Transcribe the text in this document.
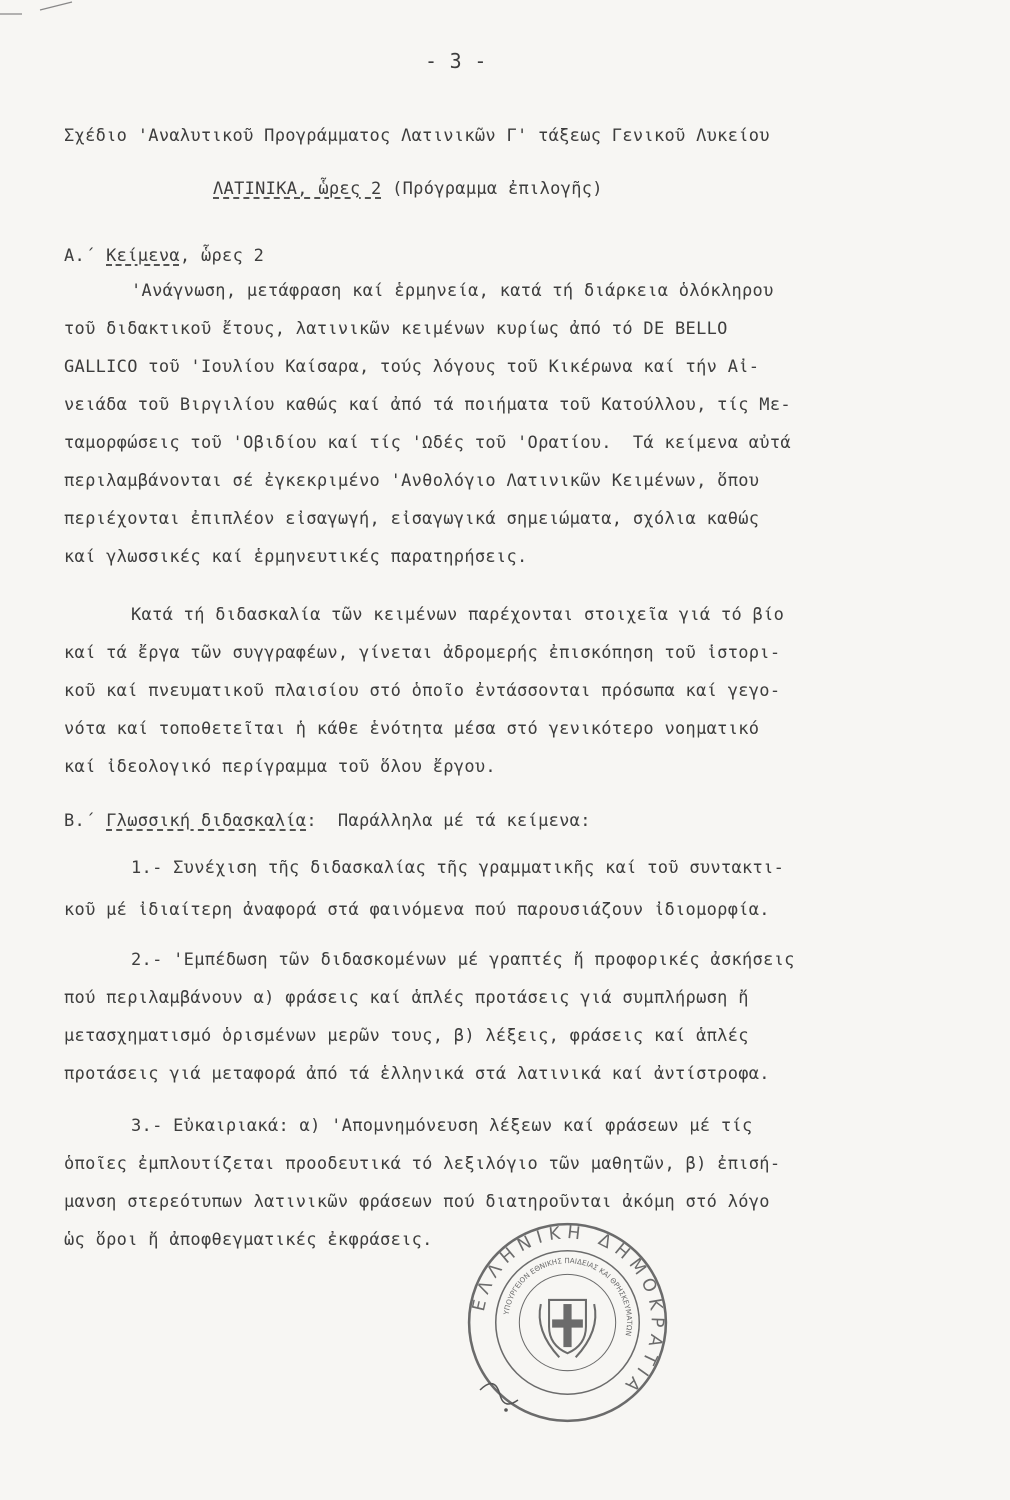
- 3 -
Σχέδιο 'Αναλυτικοῦ Προγράμματος Λατινικῶν Γ' τάξεως Γενικοῦ Λυκείου
ΛΑΤΙΝΙΚΑ, ὧρες 2 (Πρόγραμμα ἐπιλογῆς)
Α.΄ Κείμενα, ὧρες 2
'Ανάγνωση, μετάφραση καί ἑρμηνεία, κατά τή διάρκεια ὁλόκληρου
τοῦ διδακτικοῦ ἔτους, λατινικῶν κειμένων κυρίως ἀπό τό DE BELLO
GALLICO τοῦ 'Ιουλίου Καίσαρα, τούς λόγους τοῦ Κικέρωνα καί τήν Αἰ-
νειάδα τοῦ Βιργιλίου καθώς καί ἀπό τά ποιήματα τοῦ Κατούλλου, τίς Με-
ταμορφώσεις τοῦ 'Οβιδίου καί τίς 'Ωδές τοῦ 'Ορατίου.  Τά κείμενα αὐτά
περιλαμβάνονται σέ ἐγκεκριμένο 'Ανθολόγιο Λατινικῶν Κειμένων, ὅπου
περιέχονται ἐπιπλέον εἰσαγωγή, εἰσαγωγικά σημειώματα, σχόλια καθώς
καί γλωσσικές καί ἑρμηνευτικές παρατηρήσεις.
Κατά τή διδασκαλία τῶν κειμένων παρέχονται στοιχεῖα γιά τό βίο
καί τά ἔργα τῶν συγγραφέων, γίνεται ἀδρομερής ἐπισκόπηση τοῦ ἱστορι-
κοῦ καί πνευματικοῦ πλαισίου στό ὁποῖο ἐντάσσονται πρόσωπα καί γεγο-
νότα καί τοποθετεῖται ἡ κάθε ἑνότητα μέσα στό γενικότερο νοηματικό
καί ἰδεολογικό περίγραμμα τοῦ ὅλου ἔργου.
Β.΄ Γλωσσική διδασκαλία:  Παράλληλα μέ τά κείμενα:
1.- Συνέχιση τῆς διδασκαλίας τῆς γραμματικῆς καί τοῦ συντακτι-
κοῦ μέ ἰδιαίτερη ἀναφορά στά φαινόμενα πού παρουσιάζουν ἰδιομορφία.
2.- 'Εμπέδωση τῶν διδασκομένων μέ γραπτές ἤ προφορικές ἀσκήσεις
πού περιλαμβάνουν α) φράσεις καί ἁπλές προτάσεις γιά συμπλήρωση ἤ
μετασχηματισμό ὁρισμένων μερῶν τους, β) λέξεις, φράσεις καί ἁπλές
προτάσεις γιά μεταφορά ἀπό τά ἑλληνικά στά λατινικά καί ἀντίστροφα.
3.- Εὐκαιριακά: α) 'Απομνημόνευση λέξεων καί φράσεων μέ τίς
ὁποῖες ἐμπλουτίζεται προοδευτικά τό λεξιλόγιο τῶν μαθητῶν, β) ἐπισή-
μανση στερεότυπων λατινικῶν φράσεων πού διατηροῦνται ἀκόμη στό λόγο
ὡς ὅροι ἤ ἀποφθεγματικές ἐκφράσεις.
ΕΛΛΗΝΙΚΗ ΔΗΜΟΚΡΑΤΙΑ
ΥΠΟΥΡΓΕΙΟΝ ΕΘΝΙΚΗΣ ΠΑΙΔΕΙΑΣ ΚΑΙ ΘΡΗΣΚΕΥΜΑΤΩΝ
